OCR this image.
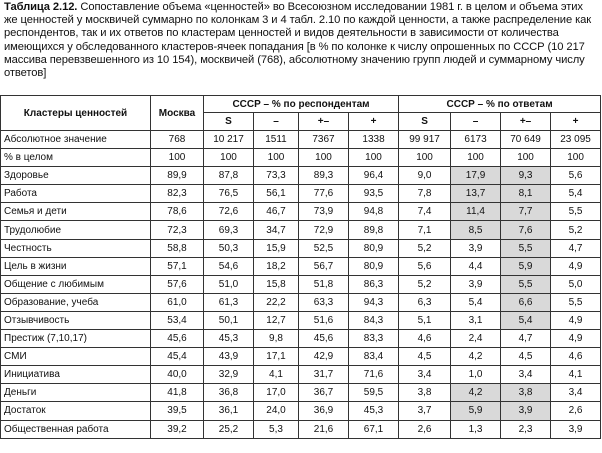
Таблица 2.12. Сопоставление объема «ценностей» во Всесоюзном исследовании 1981 г. в целом и объема этих же ценностей у москвичей суммарно по колонкам 3 и 4 табл. 2.10 по каждой ценности, а также распределение как респондентов, так и их ответов по кластерам ценностей и видов деятельности в зависимости от количества имеющихся у обследованного кластеров-ячеек попадания [в % по колонке к числу опрошенных по СССР (10 217 массива перевзвешенного из 10 154), москвичей (768), абсолютному значению групп людей и суммарному числу ответов]
Кластеры ценностей	Москва	СССР – % по респондентам				СССР – % по ответам			
		S	–	+–	+	S	–	+–	+
Абсолютное значение	768	10 217	1511	7367	1338	99 917	6173	70 649	23 095
% в целом	100	100	100	100	100	100	100	100	100
Здоровье	89,9	87,8	73,3	89,3	96,4	9,0	17,9	9,3	5,6
Работа	82,3	76,5	56,1	77,6	93,5	7,8	13,7	8,1	5,4
Семья и дети	78,6	72,6	46,7	73,9	94,8	7,4	11,4	7,7	5,5
Трудолюбие	72,3	69,3	34,7	72,9	89,8	7,1	8,5	7,6	5,2
Честность	58,8	50,3	15,9	52,5	80,9	5,2	3,9	5,5	4,7
Цель в жизни	57,1	54,6	18,2	56,7	80,9	5,6	4,4	5,9	4,9
Общение с любимым	57,6	51,0	15,8	51,8	86,3	5,2	3,9	5,5	5,0
Образование, учеба	61,0	61,3	22,2	63,3	94,3	6,3	5,4	6,6	5,5
Отзывчивость	53,4	50,1	12,7	51,6	84,3	5,1	3,1	5,4	4,9
Престиж (7,10,17)	45,6	45,3	9,8	45,6	83,3	4,6	2,4	4,7	4,9
СМИ	45,4	43,9	17,1	42,9	83,4	4,5	4,2	4,5	4,6
Инициатива	40,0	32,9	4,1	31,7	71,6	3,4	1,0	3,4	4,1
Деньги	41,8	36,8	17,0	36,7	59,5	3,8	4,2	3,8	3,4
Достаток	39,5	36,1	24,0	36,9	45,3	3,7	5,9	3,9	2,6
Общественная работа	39,2	25,2	5,3	21,6	67,1	2,6	1,3	2,3	3,9
